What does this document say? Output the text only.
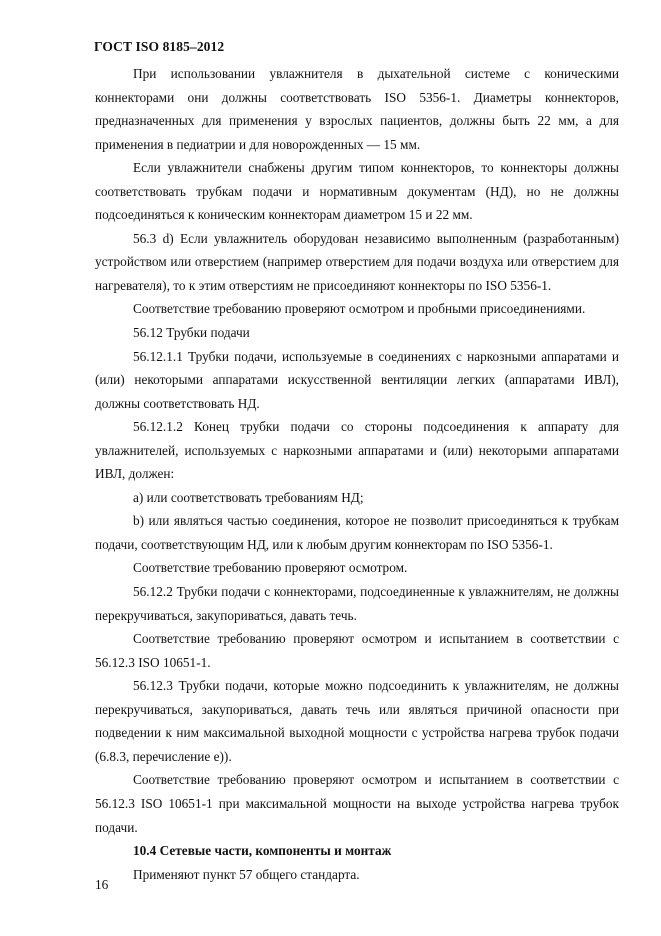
ГОСТ ISO 8185–2012

При использовании увлажнителя в дыхательной системе с коническими коннекторами они должны соответствовать ISO 5356-1. Диаметры коннекторов, предназначенных для применения у взрослых пациентов, должны быть 22 мм, а для применения в педиатрии и для новорожденных — 15 мм.

Если увлажнители снабжены другим типом коннекторов, то коннекторы должны соответствовать трубкам подачи и нормативным документам (НД), но не должны подсоединяться к коническим коннекторам диаметром 15 и 22 мм.

56.3 d) Если увлажнитель оборудован независимо выполненным (разработанным) устройством или отверстием (например отверстием для подачи воздуха или отверстием для нагревателя), то к этим отверстиям не присоединяют коннекторы по ISO 5356-1.

Соответствие требованию проверяют осмотром и пробными присоединениями.

56.12 Трубки подачи

56.12.1.1 Трубки подачи, используемые в соединениях с наркозными аппаратами и (или) некоторыми аппаратами искусственной вентиляции легких (аппаратами ИВЛ), должны соответствовать НД.

56.12.1.2 Конец трубки подачи со стороны подсоединения к аппарату для увлажнителей, используемых с наркозными аппаратами и (или) некоторыми аппаратами ИВЛ, должен:

a) или соответствовать требованиям НД;

b) или являться частью соединения, которое не позволит присоединяться к трубкам подачи, соответствующим НД, или к любым другим коннекторам по ISO 5356-1.

Соответствие требованию проверяют осмотром.

56.12.2 Трубки подачи с коннекторами, подсоединенные к увлажнителям, не должны перекручиваться, закупориваться, давать течь.

Соответствие требованию проверяют осмотром и испытанием в соответствии с 56.12.3 ISO 10651-1.

56.12.3 Трубки подачи, которые можно подсоединить к увлажнителям, не должны перекручиваться, закупориваться, давать течь или являться причиной опасности при подведении к ним максимальной выходной мощности с устройства нагрева трубок подачи (6.8.3, перечисление е)).

Соответствие требованию проверяют осмотром и испытанием в соответствии с 56.12.3 ISO 10651-1 при максимальной мощности на выходе устройства нагрева трубок подачи.

10.4 Сетевые части, компоненты и монтаж

Применяют пункт 57 общего стандарта.

16
